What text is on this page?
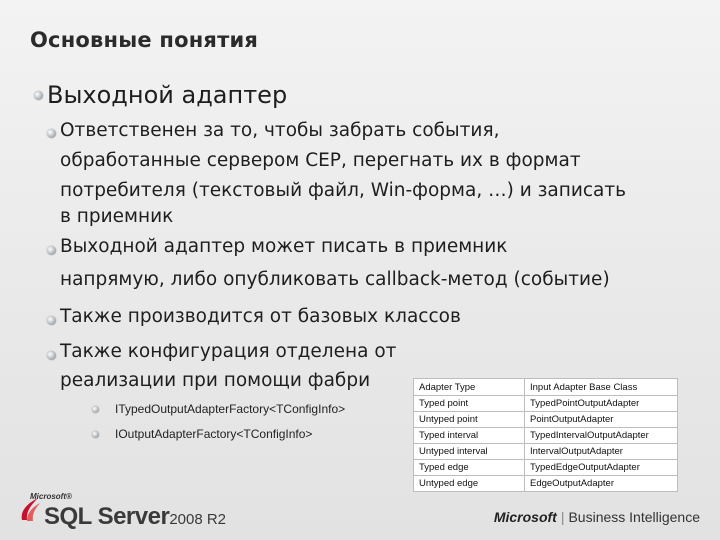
Основные понятия
Выходной адаптер
Ответственен за то, чтобы забрать события,
обработанные сервером CEP, перегнать их в формат
потребителя (текстовый файл, Win-форма, …) и записать
в приемник
Выходной адаптер может писать в приемник
напрямую, либо опубликовать callback-метод (событие)
Также производится от базовых классов
Также конфигурация отделена от
реализации при помощи фабри
ITypedOutputAdapterFactory<TConfigInfo>
IOutputAdapterFactory<TConfigInfo>
Adapter Type	Input Adapter Base Class
Typed point	TypedPointOutputAdapter
Untyped point	PointOutputAdapter
Typed interval	TypedIntervalOutputAdapter
Untyped interval	IntervalOutputAdapter
Typed edge	TypedEdgeOutputAdapter
Untyped edge	EdgeOutputAdapter
Microsoft®
SQL Server2008 R2	Microsoft | Business Intelligence
